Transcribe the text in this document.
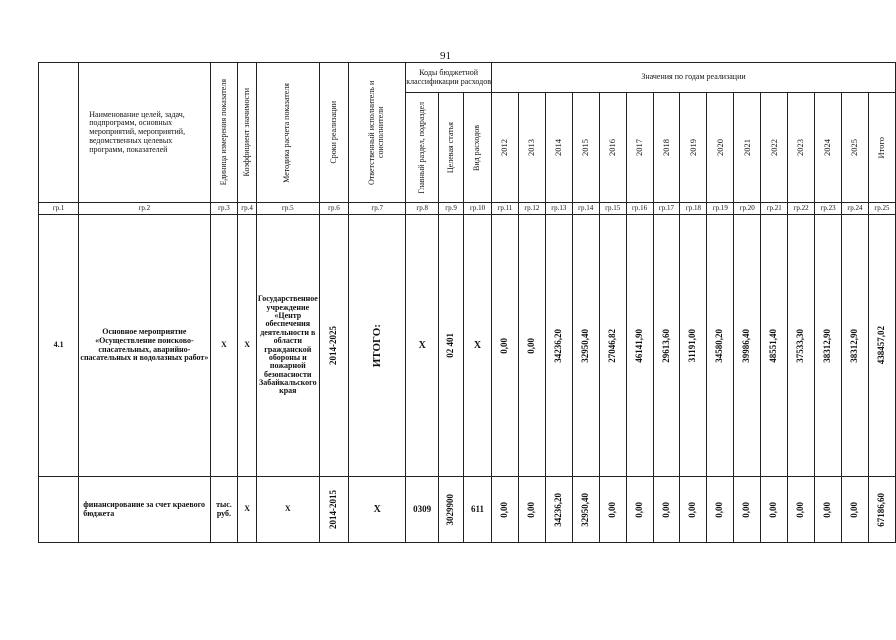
91
	Наименование целей, задач, подпрограмм, основных мероприятий, мероприятий, ведомственных целевых программ, показателей	Единица измерения показателя	Коэффициент значимости	Методика расчета показателя	Сроки реализации	Ответственный исполнитель и соисполнители	Коды бюджетной классификации расходов			Значения по годам реализации														

							Главный раздел, подраздел	Целевая статья	Вид расходов	2012	2013	2014	2015	2016	2017	2018	2019	2020	2021	2022	2023	2024	2025	Итого

гр.1	гр.2	гр.3	гр.4	гр.5	гр.6	гр.7	гр.8	гр.9	гр.10	гр.11	гр.12	гр.13	гр.14	гр.15	гр.16	гр.17	гр.18	гр.19	гр.20	гр.21	гр.22	гр.23	гр.24	гр.25
4.1	Основное мероприятие «Осуществление поисково-спасательных, аварийно-спасательных и водолазных работ»	Х	Х	Государственное учреждение «Центр обеспечения деятельности в области гражданской обороны и пожарной безопасности Забайкальского края	2014-2025	ИТОГО:	Х	02 401	Х	0,00	0,00	34236,20	32950,40	27046,82	46141,90	29613,60	31191,00	34580,20	39986,40	48551,40	37533,30	38312,90	38312,90	438457,02

	финансирование за счет краевого бюджета	тыс. руб.	Х	Х	2014-2015	Х	0309	3029900	611	0,00	0,00	34236,20	32950,40	0,00	0,00	0,00	0,00	0,00	0,00	0,00	0,00	0,00	0,00	67186,60
